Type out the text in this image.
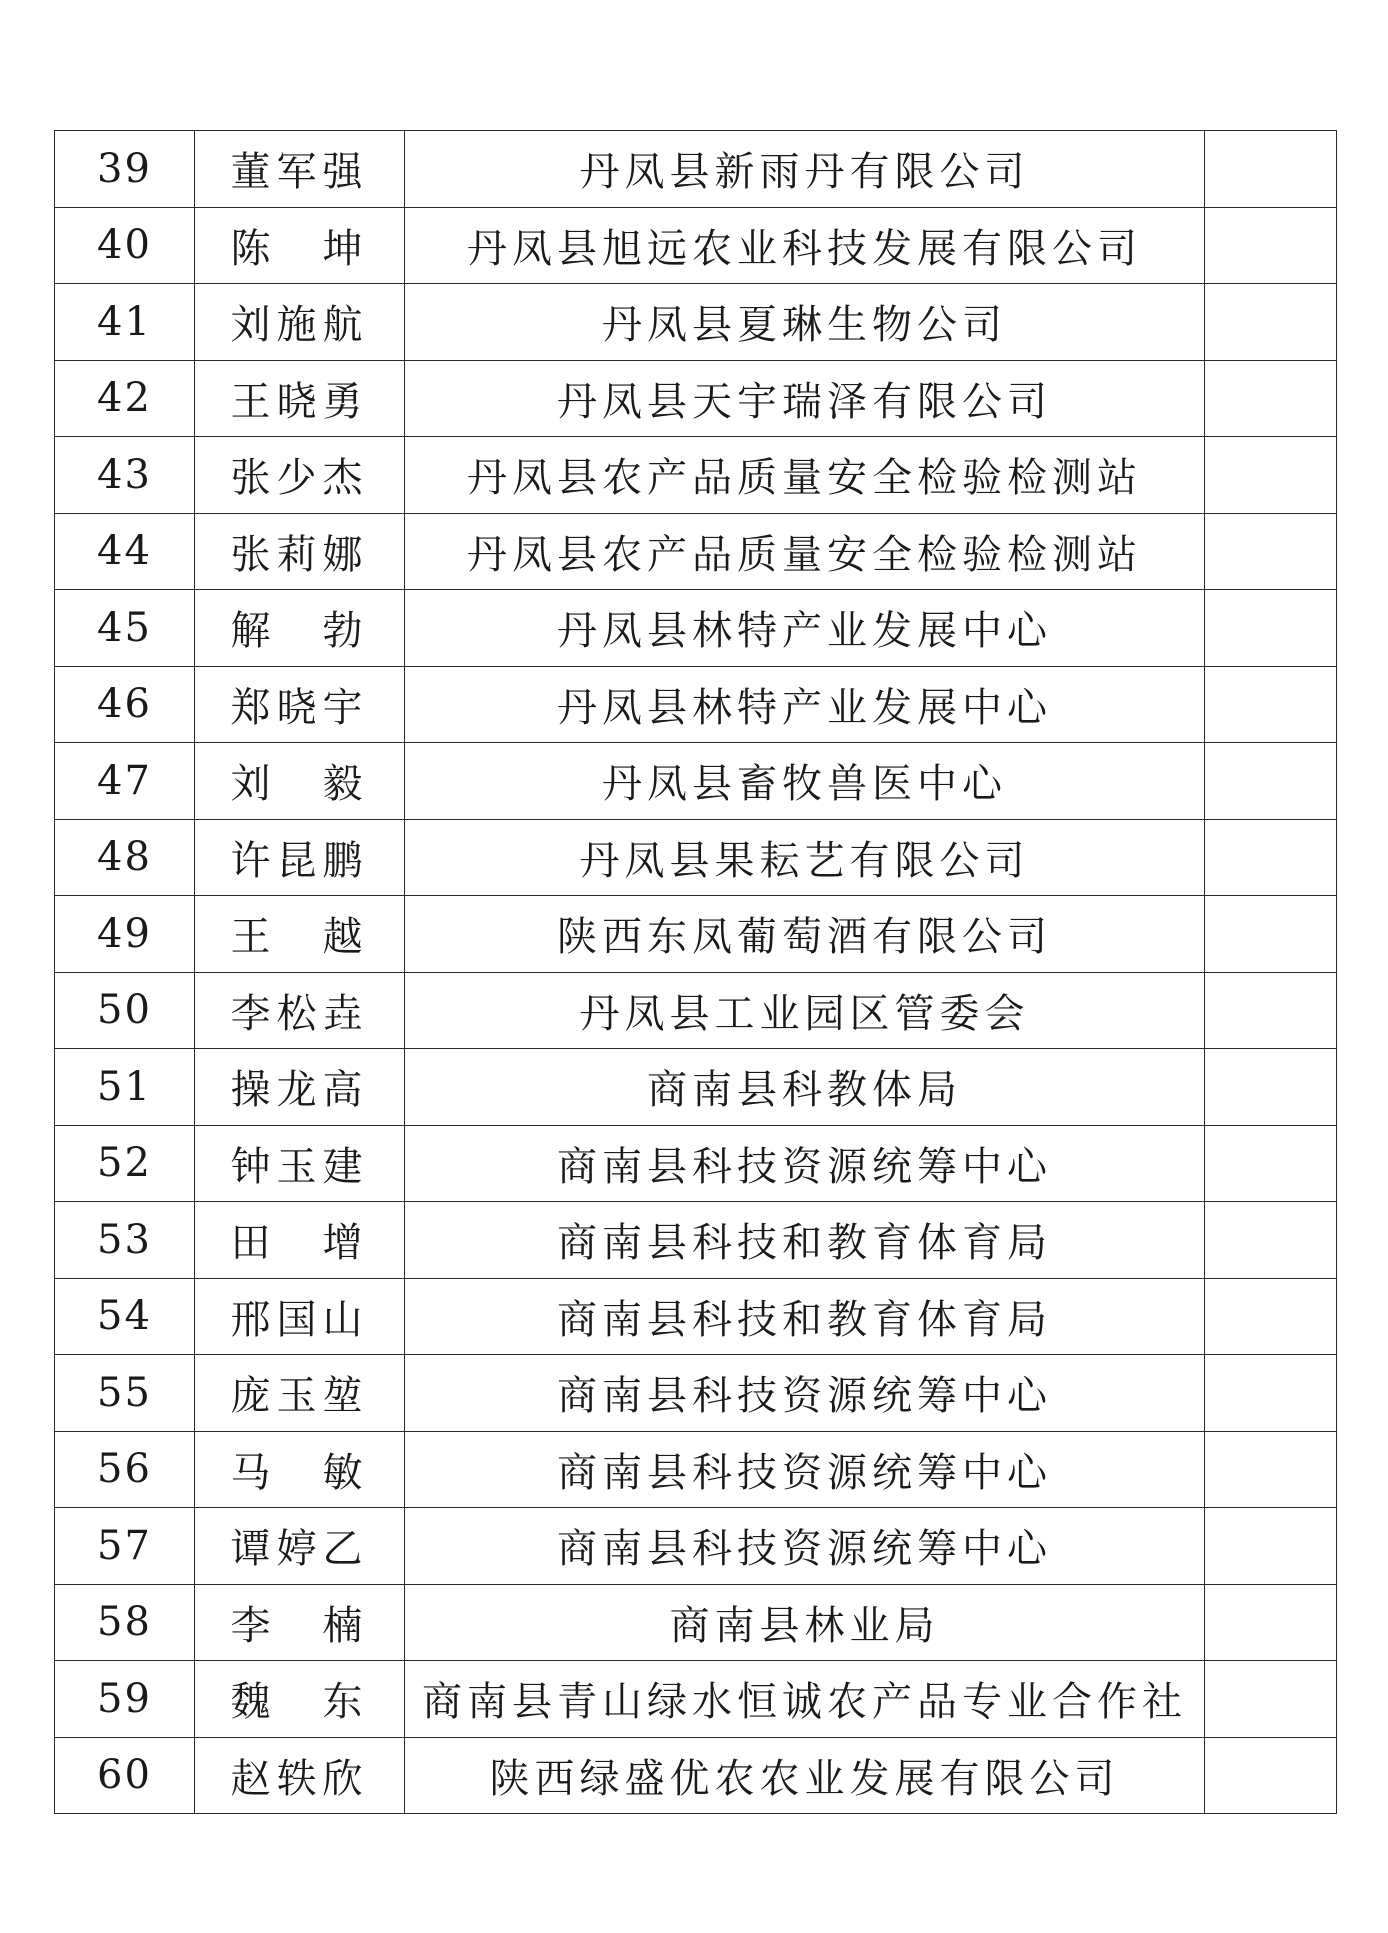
39	董军强	丹凤县新雨丹有限公司	
40	陈　坤	丹凤县旭远农业科技发展有限公司	
41	刘施航	丹凤县夏琳生物公司	
42	王晓勇	丹凤县天宇瑞泽有限公司	
43	张少杰	丹凤县农产品质量安全检验检测站	
44	张莉娜	丹凤县农产品质量安全检验检测站	
45	解　勃	丹凤县林特产业发展中心	
46	郑晓宇	丹凤县林特产业发展中心	
47	刘　毅	丹凤县畜牧兽医中心	
48	许昆鹏	丹凤县果耘艺有限公司	
49	王　越	陕西东凤葡萄酒有限公司	
50	李松垚	丹凤县工业园区管委会	
51	操龙高	商南县科教体局	
52	钟玉建	商南县科技资源统筹中心	
53	田　增	商南县科技和教育体育局	
54	邢国山	商南县科技和教育体育局	
55	庞玉堃	商南县科技资源统筹中心	
56	马　敏	商南县科技资源统筹中心	
57	谭婷乙	商南县科技资源统筹中心	
58	李　楠	商南县林业局	
59	魏　东	商南县青山绿水恒诚农产品专业合作社	
60	赵轶欣	陕西绿盛优农农业发展有限公司	
